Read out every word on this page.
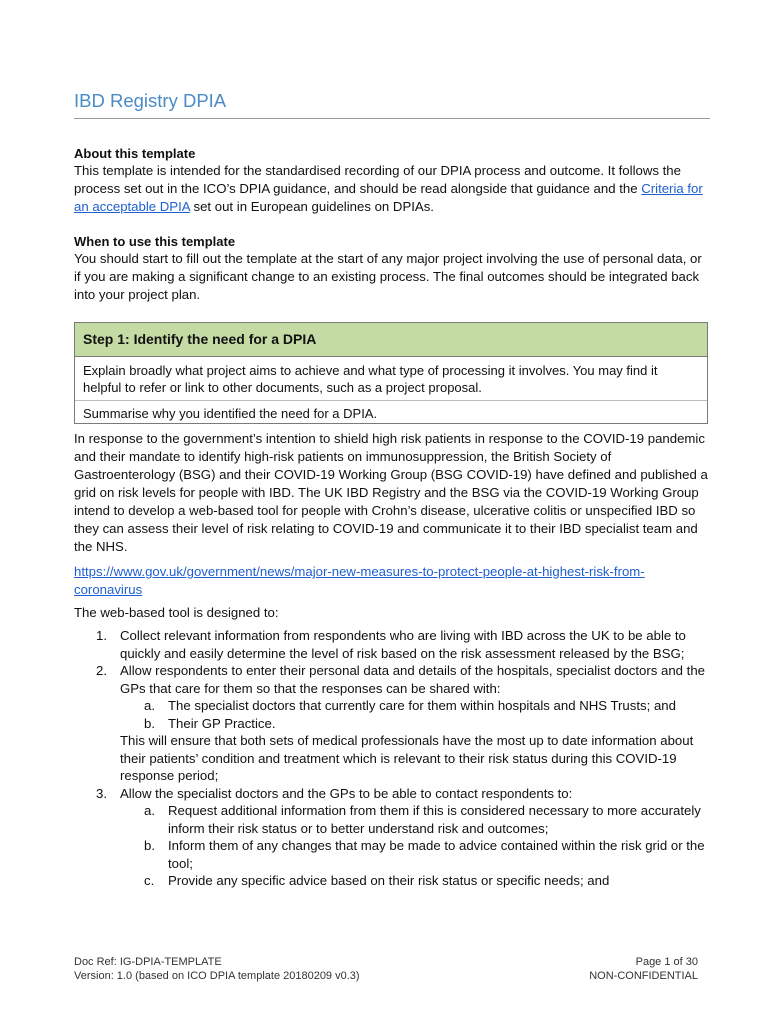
IBD Registry DPIA
About this template
This template is intended for the standardised recording of our DPIA process and outcome. It follows the process set out in the ICO’s DPIA guidance, and should be read alongside that guidance and the Criteria for an acceptable DPIA set out in European guidelines on DPIAs.
When to use this template
You should start to fill out the template at the start of any major project involving the use of personal data, or if you are making a significant change to an existing process. The final outcomes should be integrated back into your project plan.
Step 1: Identify the need for a DPIA
Explain broadly what project aims to achieve and what type of processing it involves. You may find it helpful to refer or link to other documents, such as a project proposal.
Summarise why you identified the need for a DPIA.
In response to the government’s intention to shield high risk patients in response to the COVID-19 pandemic and their mandate to identify high-risk patients on immunosuppression, the British Society of Gastroenterology (BSG) and their COVID-19 Working Group (BSG COVID-19) have defined and published a grid on risk levels for people with IBD. The UK IBD Registry and the BSG via the COVID-19 Working Group intend to develop a web-based tool for people with Crohn’s disease, ulcerative colitis or unspecified IBD so they can assess their level of risk relating to COVID-19 and communicate it to their IBD specialist team and the NHS.
https://www.gov.uk/government/news/major-new-measures-to-protect-people-at-highest-risk-from-coronavirus
The web-based tool is designed to:
1. Collect relevant information from respondents who are living with IBD across the UK to be able to quickly and easily determine the level of risk based on the risk assessment released by the BSG;
2. Allow respondents to enter their personal data and details of the hospitals, specialist doctors and the GPs that care for them so that the responses can be shared with:
a. The specialist doctors that currently care for them within hospitals and NHS Trusts; and
b. Their GP Practice.
This will ensure that both sets of medical professionals have the most up to date information about their patients’ condition and treatment which is relevant to their risk status during this COVID-19 response period;
3. Allow the specialist doctors and the GPs to be able to contact respondents to:
a. Request additional information from them if this is considered necessary to more accurately inform their risk status or to better understand risk and outcomes;
b. Inform them of any changes that may be made to advice contained within the risk grid or the tool;
c. Provide any specific advice based on their risk status or specific needs; and
Doc Ref: IG-DPIA-TEMPLATE
Version: 1.0 (based on ICO DPIA template 20180209 v0.3)
Page 1 of 30
NON-CONFIDENTIAL
